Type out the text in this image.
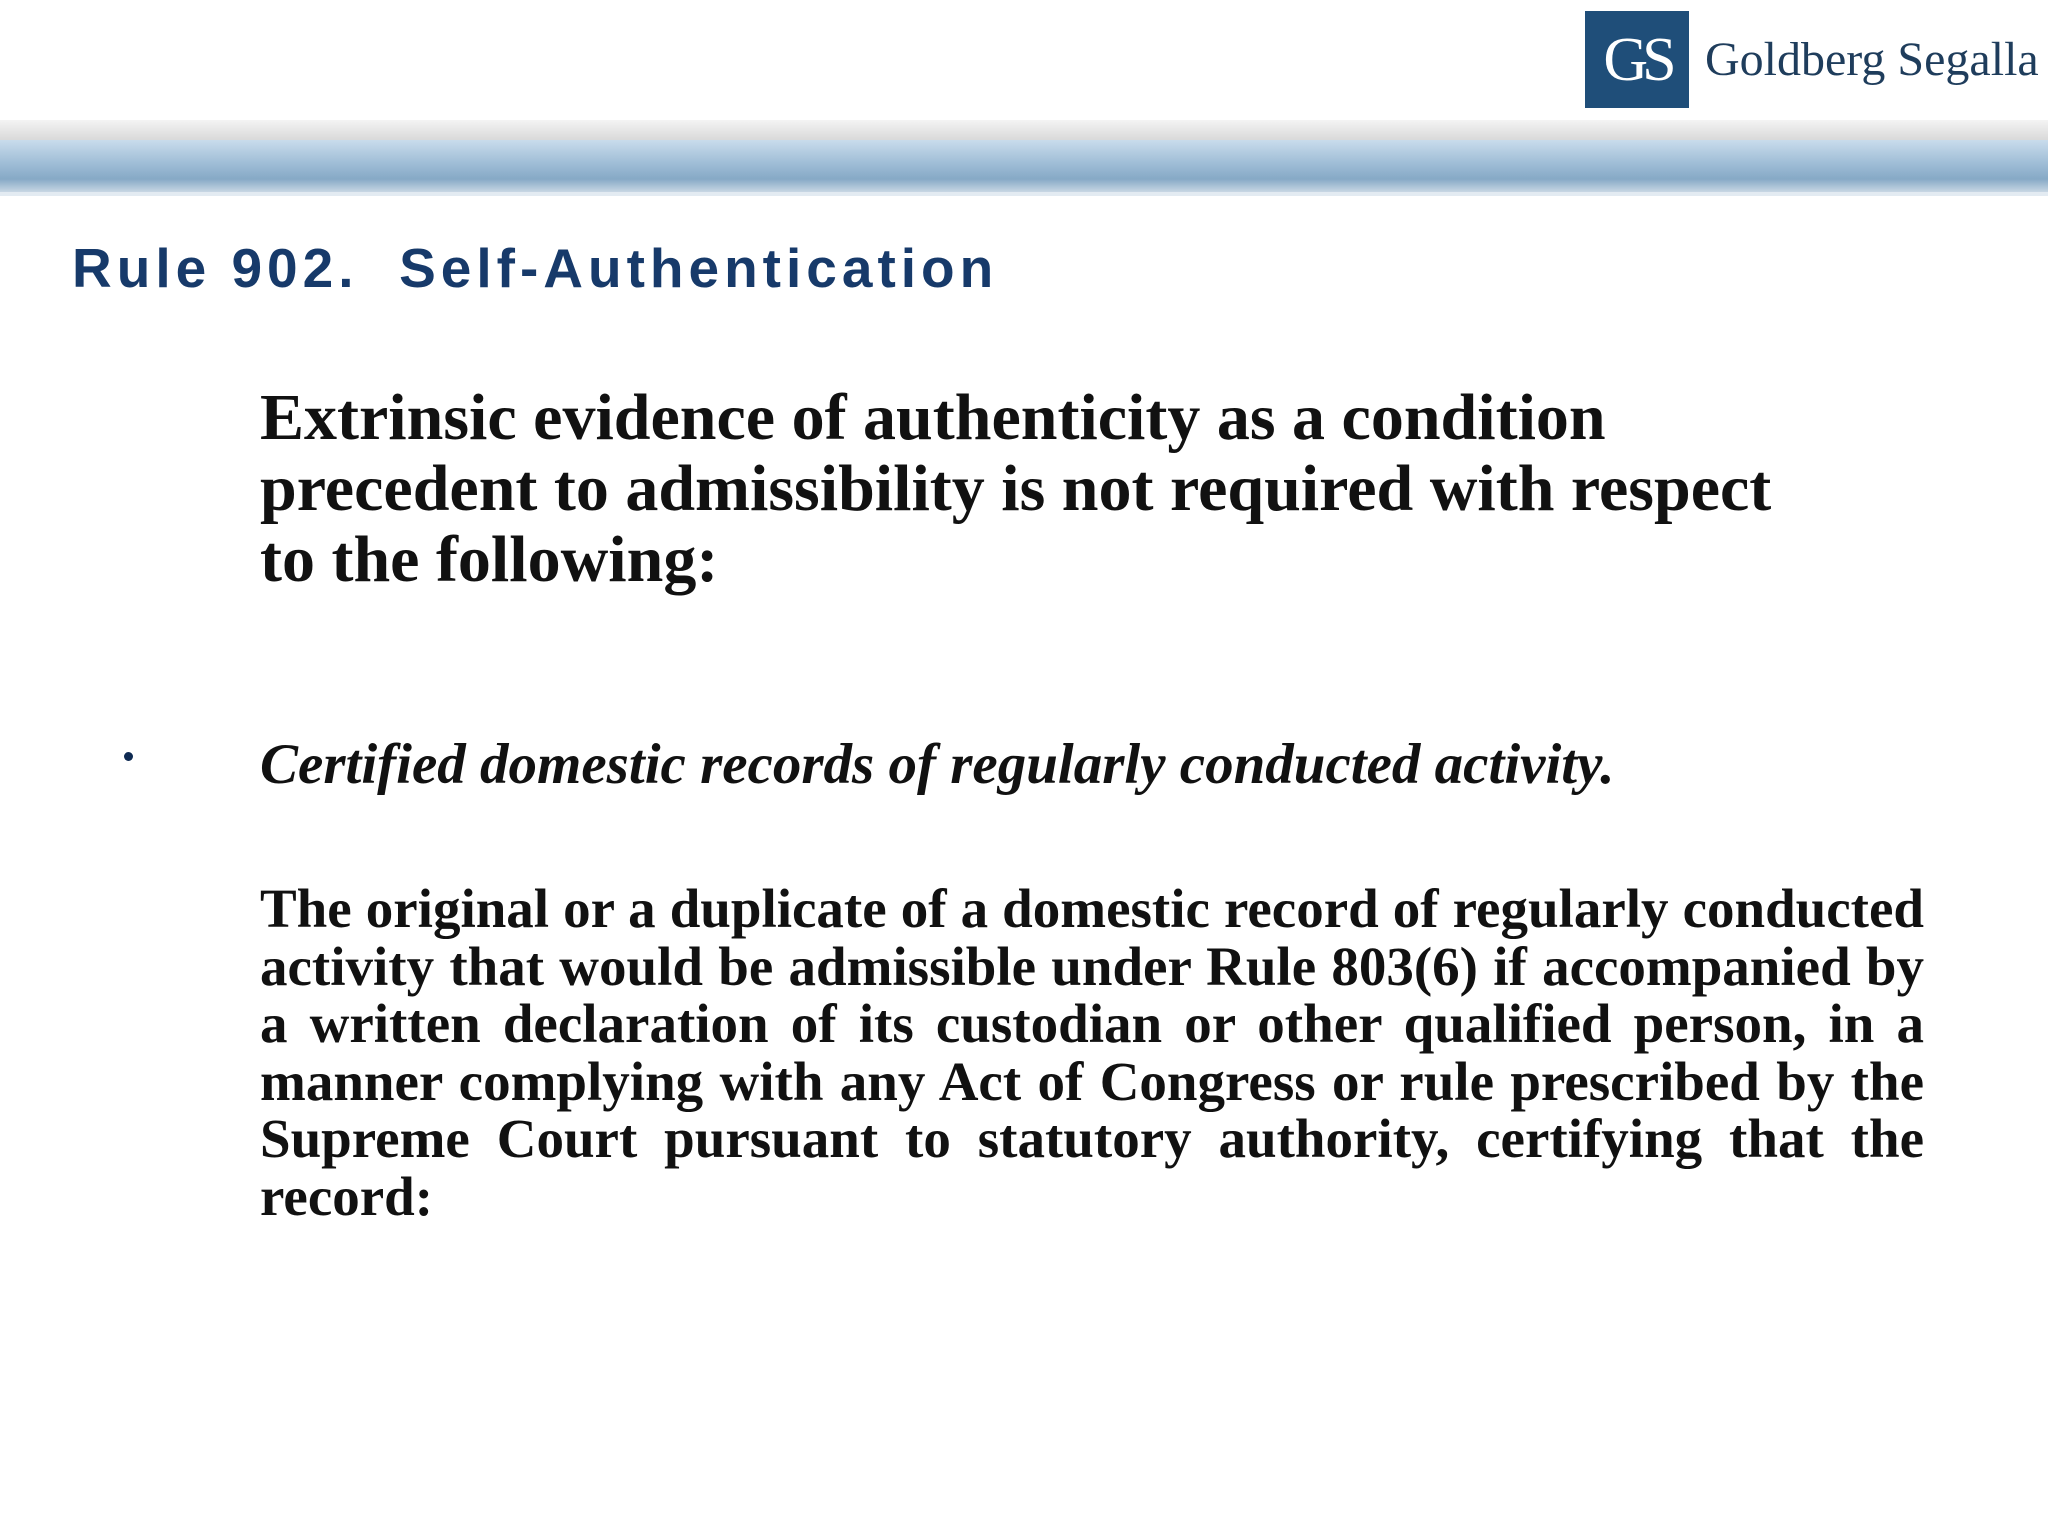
GS Goldberg Segalla
Rule 902.  Self-Authentication

Extrinsic evidence of authenticity as a condition precedent to admissibility is not required with respect to the following:

Certified domestic records of regularly conducted activity.

The original or a duplicate of a domestic record of regularly conducted activity that would be admissible under Rule 803(6) if accompanied by a written declaration of its custodian or other qualified person, in a manner complying with any Act of Congress or rule prescribed by the Supreme Court pursuant to statutory authority, certifying that the record:
